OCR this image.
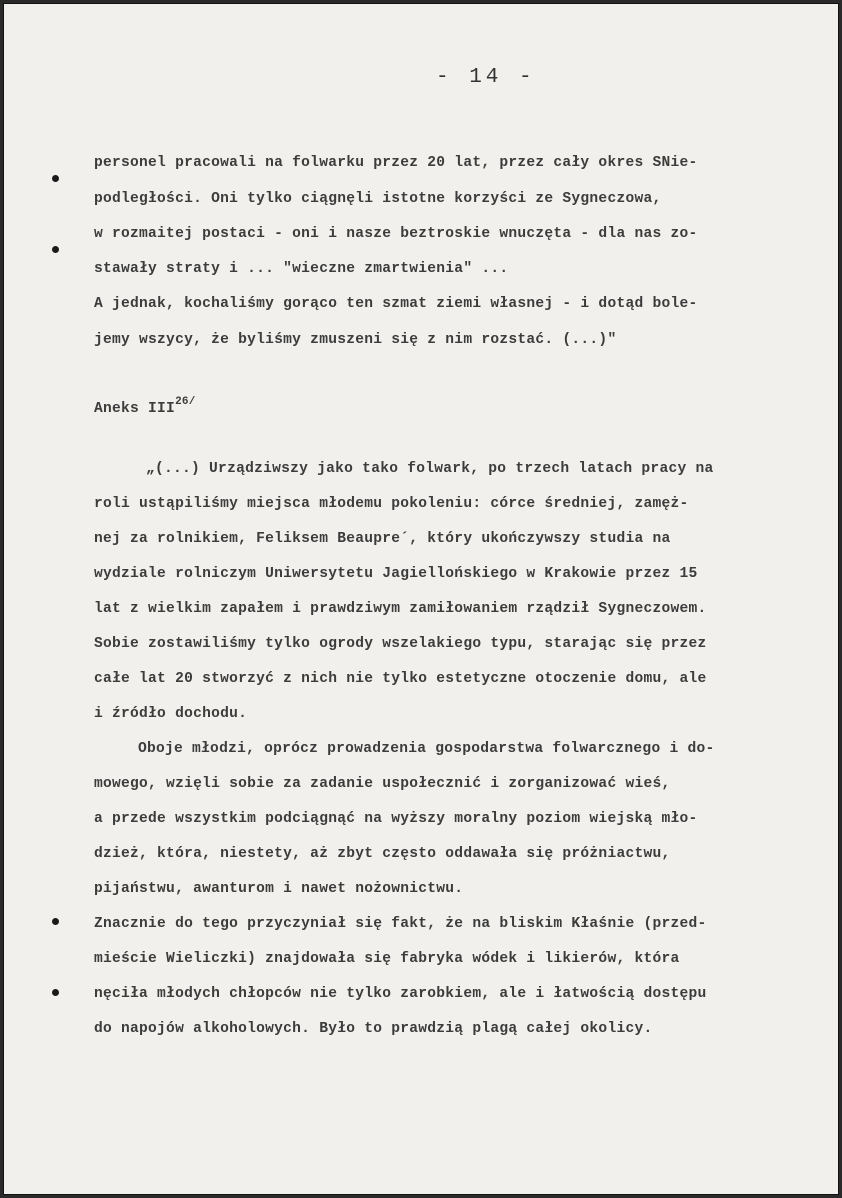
- 14 -
personel pracowali na folwarku przez 20 lat, przez cały okres SNie-
podległości. Oni tylko ciągnęli istotne korzyści ze Sygneczowa,
w rozmaitej postaci - oni i nasze beztroskie wnuczęta - dla nas zo-
stawały straty i ... "wieczne zmartwienia" ...
A jednak, kochaliśmy gorąco ten szmat ziemi własnej - i dotąd bole-
jemy wszycy, że byliśmy zmuszeni się z nim rozstać. (...)"
Aneks $III^{26/}$
„(...) Urządziwszy jako tako folwark, po trzech latach pracy na
roli ustąpiliśmy miejsca młodemu pokoleniu: córce średniej, zamęż-
nej za rolnikiem, Feliksem Beaupre´, który ukończywszy studia na
wydziale rolniczym Uniwersytetu Jagiellońskiego w Krakowie przez 15
lat z wielkim zapałem i prawdziwym zamiłowaniem rządził Sygneczowem.
Sobie zostawiliśmy tylko ogrody wszelakiego typu, starając się przez
całe lat 20 stworzyć z nich nie tylko estetyczne otoczenie domu, ale
i źródło dochodu.
Oboje młodzi, oprócz prowadzenia gospodarstwa folwarcznego i do-
mowego, wzięli sobie za zadanie uspołecznić i zorganizować wieś,
a przede wszystkim podciągnąć na wyższy moralny poziom wiejską mło-
dzież, która, niestety, aż zbyt często oddawała się próżniactwu,
pijaństwu, awanturom i nawet nożownictwu.
Znacznie do tego przyczyniał się fakt, że na bliskim Kłaśnie (przed-
mieście Wieliczki) znajdowała się fabryka wódek i likierów, która
nęciła młodych chłopców nie tylko zarobkiem, ale i łatwością dostępu
do napojów alkoholowych. Było to prawdzią plagą całej okolicy.
